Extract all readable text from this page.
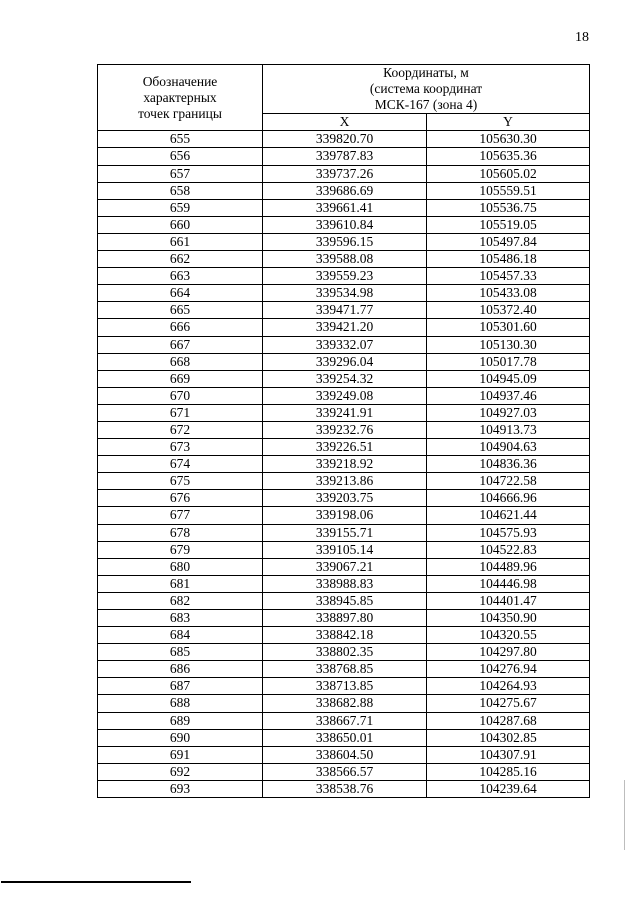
18
Обозначение
характерных
точек границы	Координаты, м
(система координат
МСК-167 (зона 4)	

	X	Y
655	339820.70	105630.30
656	339787.83	105635.36
657	339737.26	105605.02
658	339686.69	105559.51
659	339661.41	105536.75
660	339610.84	105519.05
661	339596.15	105497.84
662	339588.08	105486.18
663	339559.23	105457.33
664	339534.98	105433.08
665	339471.77	105372.40
666	339421.20	105301.60
667	339332.07	105130.30
668	339296.04	105017.78
669	339254.32	104945.09
670	339249.08	104937.46
671	339241.91	104927.03
672	339232.76	104913.73
673	339226.51	104904.63
674	339218.92	104836.36
675	339213.86	104722.58
676	339203.75	104666.96
677	339198.06	104621.44
678	339155.71	104575.93
679	339105.14	104522.83
680	339067.21	104489.96
681	338988.83	104446.98
682	338945.85	104401.47
683	338897.80	104350.90
684	338842.18	104320.55
685	338802.35	104297.80
686	338768.85	104276.94
687	338713.85	104264.93
688	338682.88	104275.67
689	338667.71	104287.68
690	338650.01	104302.85
691	338604.50	104307.91
692	338566.57	104285.16
693	338538.76	104239.64
